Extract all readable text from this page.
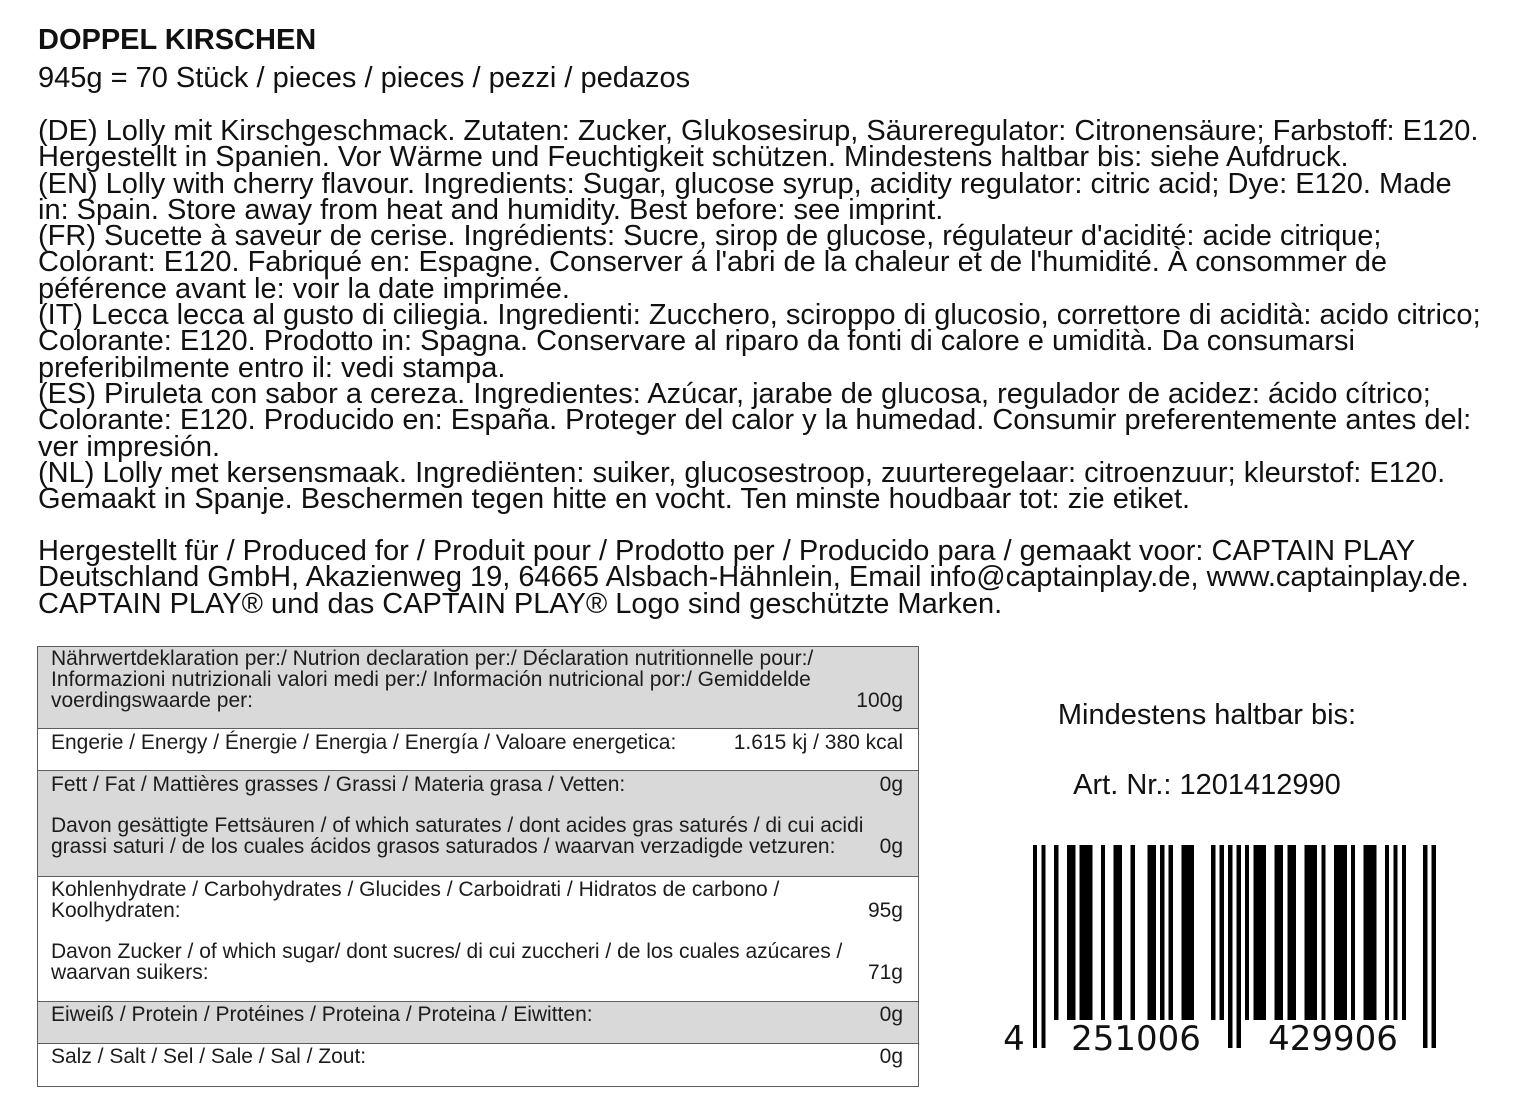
DOPPEL KIRSCHEN
945g = 70 Stück / pieces / pieces / pezzi / pedazos
(DE) Lolly mit Kirschgeschmack. Zutaten: Zucker, Glukosesirup, Säureregulator: Citronensäure; Farbstoff: E120.
Hergestellt in Spanien. Vor Wärme und Feuchtigkeit schützen. Mindestens haltbar bis: siehe Aufdruck.
(EN) Lolly with cherry flavour. Ingredients: Sugar, glucose syrup, acidity regulator: citric acid; Dye: E120. Made
in: Spain. Store away from heat and humidity. Best before: see imprint.
(FR) Sucette à saveur de cerise. Ingrédients: Sucre, sirop de glucose, régulateur d'acidité: acide citrique;
Colorant: E120. Fabriqué en: Espagne. Conserver á l'abri de la chaleur et de l'humidité. À consommer de
péférence avant le: voir la date imprimée.
(IT) Lecca lecca al gusto di ciliegia. Ingredienti: Zucchero, sciroppo di glucosio, correttore di acidità: acido citrico;
Colorante: E120. Prodotto in: Spagna. Conservare al riparo da fonti di calore e umidità. Da consumarsi
preferibilmente entro il: vedi stampa.
(ES) Piruleta con sabor a cereza. Ingredientes: Azúcar, jarabe de glucosa, regulador de acidez: ácido cítrico;
Colorante: E120. Producido en: España. Proteger del calor y la humedad. Consumir preferentemente antes del:
ver impresión.
(NL) Lolly met kersensmaak. Ingrediënten: suiker, glucosestroop, zuurteregelaar: citroenzuur; kleurstof: E120.
Gemaakt in Spanje. Beschermen tegen hitte en vocht. Ten minste houdbaar tot: zie etiket.
Hergestellt für / Produced for / Produit pour / Prodotto per / Producido para / gemaakt voor: CAPTAIN PLAY
Deutschland GmbH, Akazienweg 19, 64665 Alsbach-Hähnlein, Email info@captainplay.de, www.captainplay.de.
CAPTAIN PLAY® und das CAPTAIN PLAY® Logo sind geschützte Marken.
Nährwertdeklaration per:/ Nutrion declaration per:/ Déclaration nutritionnelle pour:/
Informazioni nutrizionali valori medi per:/ Información nutricional por:/ Gemiddelde
voerdingswaarde per:	100g
Engerie / Energy / Énergie / Energia / Energía / Valoare energetica:	1.615 kj / 380 kcal
Fett / Fat / Mattières grasses / Grassi / Materia grasa / Vetten:	0g
Davon gesättigte Fettsäuren / of which saturates / dont acides gras saturés / di cui acidi
grassi saturi / de los cuales ácidos grasos saturados / waarvan verzadigde vetzuren:	0g
Kohlenhydrate / Carbohydrates / Glucides / Carboidrati / Hidratos de carbono /
Koolhydraten:	95g
Davon Zucker / of which sugar/ dont sucres/ di cui zuccheri / de los cuales azúcares /
waarvan suikers:	71g
Eiweiß / Protein / Protéines / Proteina / Proteina / Eiwitten:	0g
Salz / Salt / Sel / Sale / Sal / Zout:	0g
Mindestens haltbar bis:
Art. Nr.: 1201412990
4 251006 429906
